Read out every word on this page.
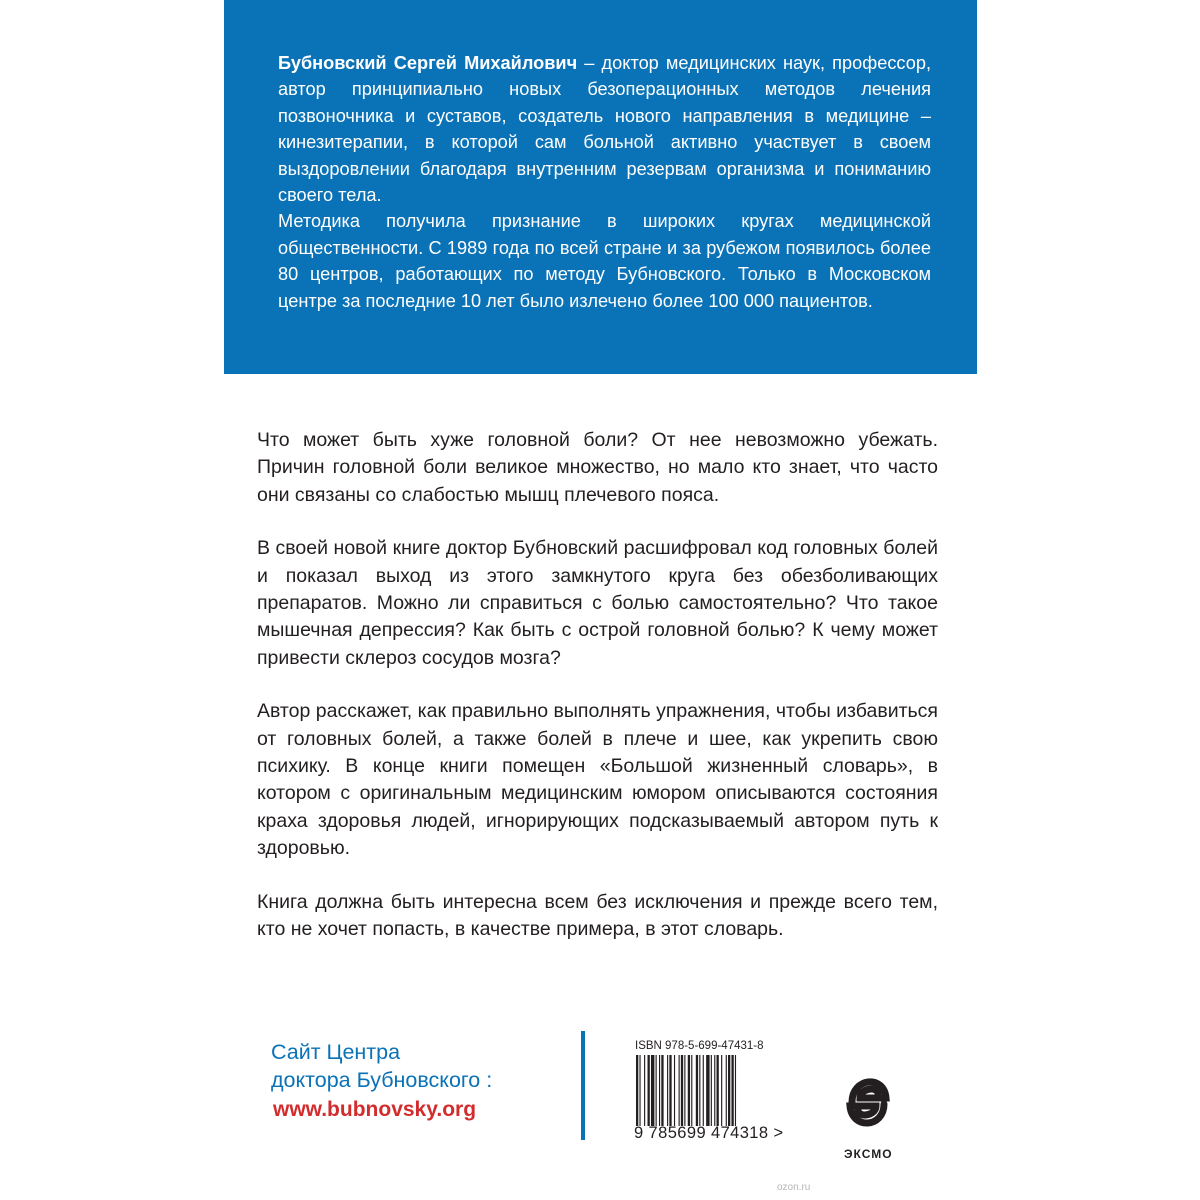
Бубновский Сергей Михайлович – доктор медицинских наук, профессор, автор принципиально новых безоперационных методов лечения позвоночника и суставов, создатель нового направления в медицине – кинезитерапии, в которой сам больной активно участвует в своем выздоровлении благодаря внутренним резервам организма и пониманию своего тела.

Методика получила признание в широких кругах медицинской общественности. С 1989 года по всей стране и за рубежом появилось более 80 центров, работающих по методу Бубновского. Только в Московском центре за последние 10 лет было излечено более 100 000 пациентов.

Что может быть хуже головной боли? От нее невозможно убежать. Причин головной боли великое множество, но мало кто знает, что часто они связаны со слабостью мышц плечевого пояса.

В своей новой книге доктор Бубновский расшифровал код головных болей и показал выход из этого замкнутого круга без обезболивающих препаратов. Можно ли справиться с болью самостоятельно? Что такое мышечная депрессия? Как быть с острой головной болью? К чему может привести склероз сосудов мозга?

Автор расскажет, как правильно выполнять упражнения, чтобы избавиться от головных болей, а также болей в плече и шее, как укрепить свою психику. В конце книги помещен «Большой жизненный словарь», в котором с оригинальным медицинским юмором описываются состояния краха здоровья людей, игнорирующих подсказываемый автором путь к здоровью.

Книга должна быть интересна всем без исключения и прежде всего тем, кто не хочет попасть, в качестве примера, в этот словарь.

Сайт Центра
доктора Бубновского :
www.bubnovsky.org
ISBN 978-5-699-47431-8
9 785699 474318 >
ЭКСМО
ozon.ru
